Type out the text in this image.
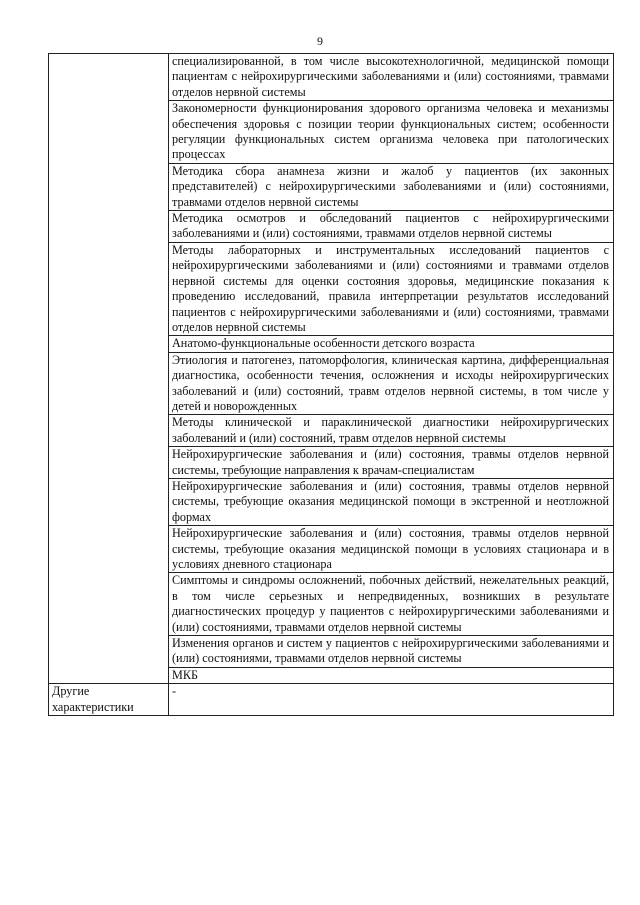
9
	специализированной, в том числе высокотехнологичной, медицинской помощи пациентам с нейрохирургическими заболеваниями и (или) состояниями, травмами отделов нервной системы
	Закономерности функционирования здорового организма человека и механизмы обеспечения здоровья с позиции теории функциональных систем; особенности регуляции функциональных систем организма человека при патологических процессах
	Методика сбора анамнеза жизни и жалоб у пациентов (их законных представителей) с нейрохирургическими заболеваниями и (или) состояниями, травмами отделов нервной системы
	Методика осмотров и обследований пациентов с нейрохирургическими заболеваниями и (или) состояниями, травмами отделов нервной системы
	Методы лабораторных и инструментальных исследований пациентов с нейрохирургическими заболеваниями и (или) состояниями и травмами отделов нервной системы для оценки состояния здоровья, медицинские показания к проведению исследований, правила интерпретации результатов исследований пациентов с нейрохирургическими заболеваниями и (или) состояниями, травмами отделов нервной системы
	Анатомо-функциональные особенности детского возраста
	Этиология и патогенез, патоморфология, клиническая картина, дифференциальная диагностика, особенности течения, осложнения и исходы нейрохирургических заболеваний и (или) состояний, травм отделов нервной системы, в том числе у детей и новорожденных
	Методы клинической и параклинической диагностики нейрохирургических заболеваний и (или) состояний, травм отделов нервной системы
	Нейрохирургические заболевания и (или) состояния, травмы отделов нервной системы, требующие направления к врачам-специалистам
	Нейрохирургические заболевания и (или) состояния, травмы отделов нервной системы, требующие оказания медицинской помощи в экстренной и неотложной формах
	Нейрохирургические заболевания и (или) состояния, травмы отделов нервной системы, требующие оказания медицинской помощи в условиях стационара и в условиях дневного стационара
	Симптомы и синдромы осложнений, побочных действий, нежелательных реакций, в том числе серьезных и непредвиденных, возникших в результате диагностических процедур у пациентов с нейрохирургическими заболеваниями и (или) состояниями, травмами отделов нервной системы
	Изменения органов и систем у пациентов с нейрохирургическими заболеваниями и (или) состояниями, травмами отделов нервной системы
	МКБ
Другие характеристики	-
